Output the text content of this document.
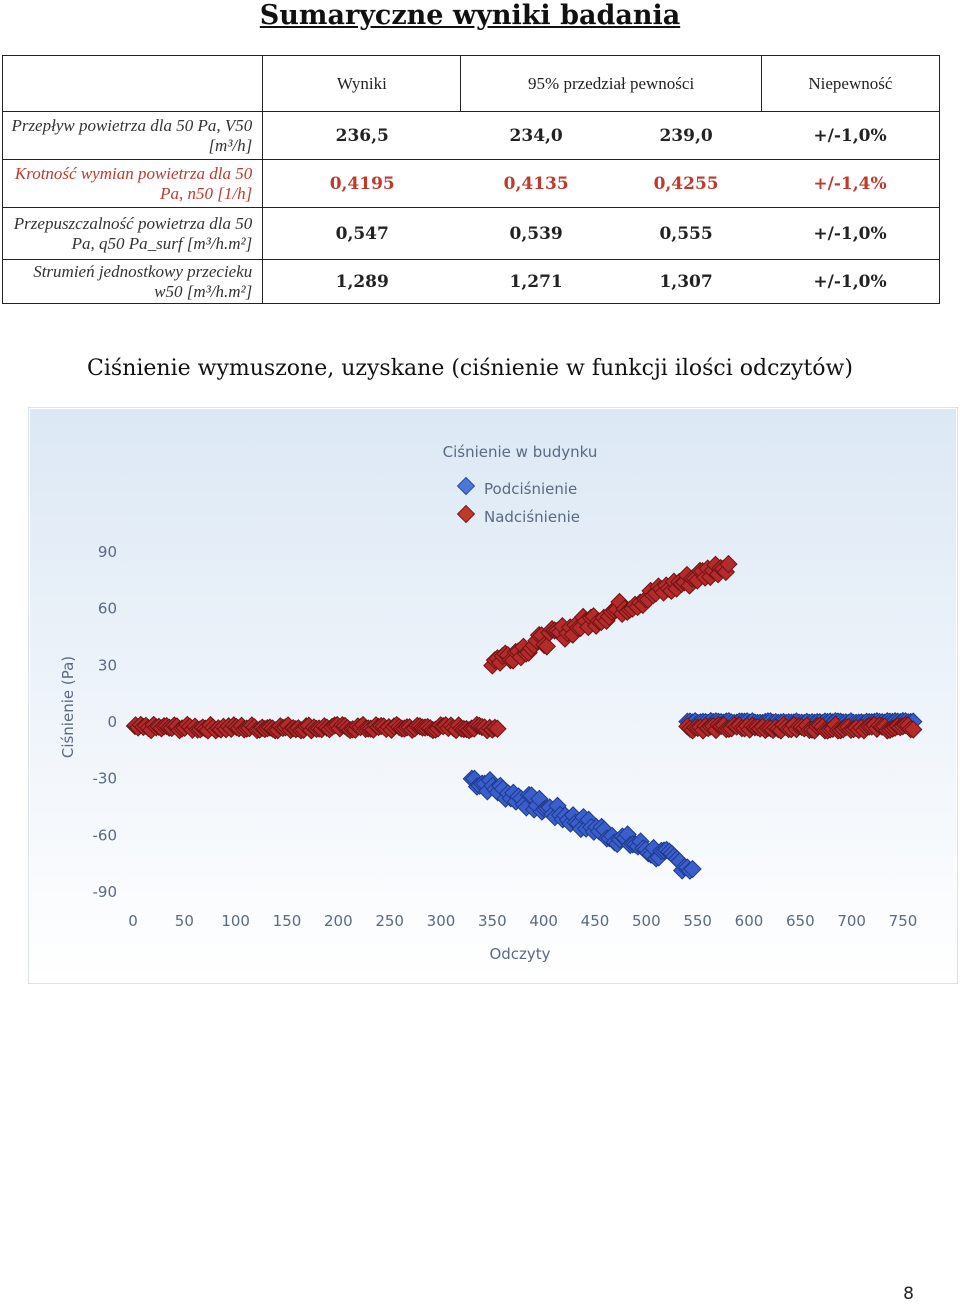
Sumaryczne wyniki badania
	Wyniki	95% przedział pewności	Niepewność
Przepływ powietrza dla 50 Pa, V50 [m³/h]	236,5 234,0 239,0 +/-1,0%		

Krotność wymian powietrza dla 50 Pa, n50 [1/h]	0,4195 0,4135 0,4255 +/-1,4%		

Przepuszczalność powietrza dla 50 Pa, q50 Pa_surf [m³/h.m²]	0,547 0,539 0,555 +/-1,0%		

Strumień jednostkowy przecieku w50 [m³/h.m²]	1,289 1,271 1,307 +/-1,0%		
Ciśnienie wymuszone, uzyskane (ciśnienie w funkcji ilości odczytów)
Ciśnienie w budynku
Podciśnienie
Nadciśnienie
Ciśnienie (Pa)
Odczyty
90
60
30
0
-30
-60
-90
0 50 100 150 200 250 300 350 400 450 500 550 600 650 700 750
8
